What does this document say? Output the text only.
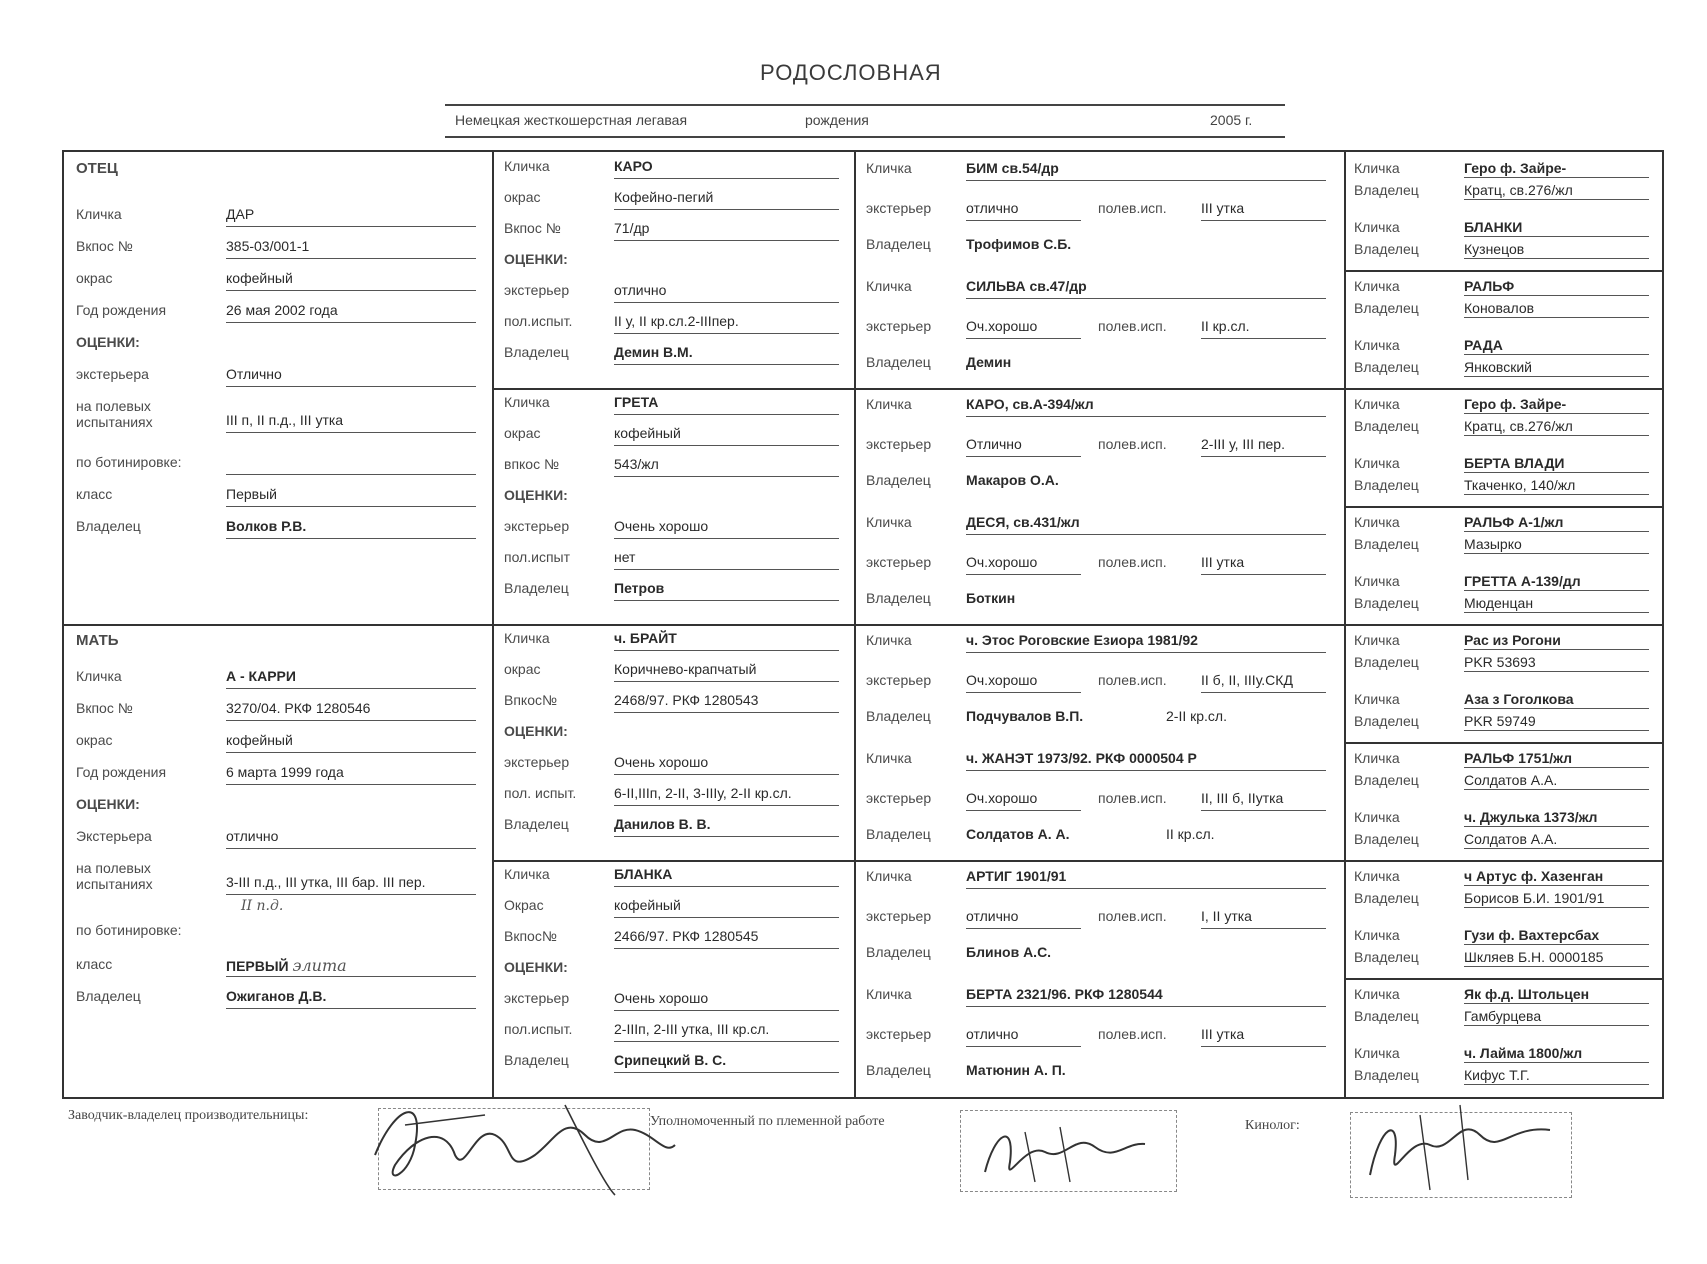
РОДОСЛОВНАЯ
Немецкая жесткошерстная легавая	рождения	2005 г.
ОТЕЦ
Кличка	ДАР
Вкпос №	385-03/001-1
окрас	кофейный
Год рождения	26 мая 2002 года
ОЦЕНКИ:
экстерьера	Отлично
на полевых испытаниях	III п, II п.д., III утка
по ботинировке:
класс	Первый
Владелец	Волков Р.В.
МАТЬ
Кличка	А - КАРРИ
Вкпос №	3270/04. РКФ 1280546
окрас	кофейный
Год рождения	6 марта 1999 года
ОЦЕНКИ:
Экстерьера	отлично
на полевых испытаниях	3-III п.д., III утка, III бар. III пер.
II п.д.
по ботинировке:
класс	ПЕРВЫЙ элита
Владелец	Ожиганов Д.В.
Кличка	КАРО
окрас	Кофейно-пегий
Вкпос №	71/др
ОЦЕНКИ:
экстерьер	отлично
пол.испыт.	II у, II кр.сл.2-IIIпер.
Владелец	Демин В.М.
Кличка	ГРЕТА
окрас	кофейный
впкос №	543/жл
ОЦЕНКИ:
экстерьер	Очень хорошо
пол.испыт	нет
Владелец	Петров
Кличка	ч. БРАЙТ
окрас	Коричнево-крапчатый
Впкос№	2468/97. РКФ 1280543
ОЦЕНКИ:
экстерьер	Очень хорошо
пол. испыт.	6-II,IIIп, 2-II, 3-IIIу, 2-II кр.сл.
Владелец	Данилов В. В.
Кличка	БЛАНКА
Окрас	кофейный
Вкпос№	2466/97. РКФ 1280545
ОЦЕНКИ:
экстерьер	Очень хорошо
пол.испыт.	2-IIIп, 2-III утка, III кр.сл.
Владелец	Срипецкий В. С.
Кличка	БИМ св.54/др
экстерьер отлично	полев.исп. III утка
Владелец	Трофимов С.Б.
Кличка	СИЛЬВА св.47/др
экстерьер Оч.хорошо	полев.исп. II кр.сл.
Владелец	Демин
Кличка	КАРО, св.А-394/жл
экстерьер Отлично	полев.исп. 2-III у, III пер.
Владелец	Макаров О.А.
Кличка	ДЕСЯ, св.431/жл
экстерьер Оч.хорошо	полев.исп. III утка
Владелец	Боткин
Кличка	ч. Этос Роговские Езиора 1981/92
экстерьер Оч.хорошо	полев.исп. II б, II, IIIу.СКД
Владелец	Подчувалов В.П.	2-II кр.сл.
Кличка	ч. ЖАНЭТ 1973/92. РКФ 0000504 Р
экстерьер Оч.хорошо	полев.исп. II, III б, IIутка
Владелец	Солдатов А. А.	II кр.сл.
Кличка	АРТИГ 1901/91
экстерьер отлично	полев.исп. I, II утка
Владелец	Блинов А.С.
Кличка	БЕРТА 2321/96. РКФ 1280544
экстерьер отлично	полев.исп. III утка
Владелец	Матюнин А. П.
Кличка	Геро ф. Зайре-
Владелец	Кратц, св.276/жл
Кличка	БЛАНКИ
Владелец	Кузнецов
Кличка	РАЛЬФ
Владелец	Коновалов
Кличка	РАДА
Владелец	Янковский
Кличка	Геро ф. Зайре-
Владелец	Кратц, св.276/жл
Кличка	БЕРТА ВЛАДИ
Владелец	Ткаченко, 140/жл
Кличка	РАЛЬФ А-1/жл
Владелец	Мазырко
Кличка	ГРЕТТА А-139/дл
Владелец	Мюденцан
Кличка	Рас из Рогони
Владелец	PKR 53693
Кличка	Аза з Гоголкова
Владелец	PKR 59749
Кличка	РАЛЬФ 1751/жл
Владелец	Солдатов А.А.
Кличка	ч. Джулька 1373/жл
Владелец	Солдатов А.А.
Кличка	ч Артус ф. Хазенган
Владелец	Борисов Б.И. 1901/91
Кличка	Гузи ф. Вахтерсбах
Владелец	Шкляев Б.Н. 0000185
Кличка	Як ф.д. Штольцен
Владелец	Гамбурцева
Кличка	ч. Лайма 1800/жл
Владелец	Кифус Т.Г.
Заводчик-владелец производительницы:	Уполномоченный по племенной работе	Кинолог:
